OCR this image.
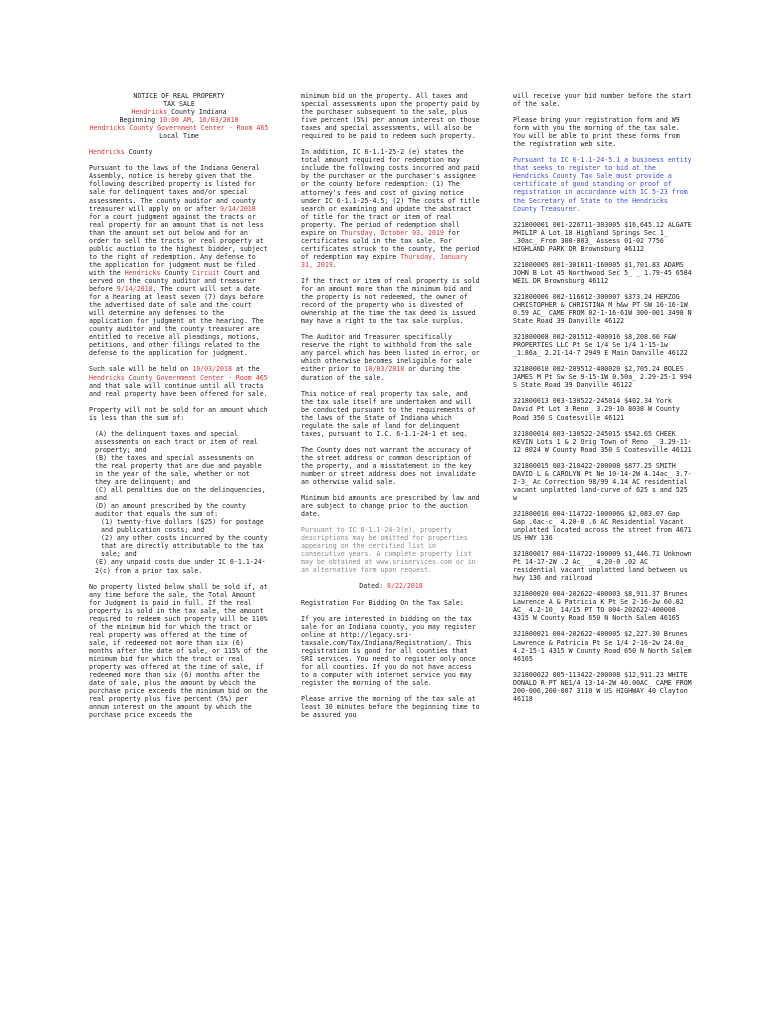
NOTICE OF REAL PROPERTY
TAX SALE
Hendricks County Indiana
Beginning 10:00 AM, 10/03/2018
Hendricks County Government Center - Room 465 Local Time

Hendricks County

Pursuant to the laws of the Indiana General Assembly, notice is hereby given that the following described property is listed for sale for delinquent taxes and/or special assessments. The county auditor and county treasurer will apply on or after 9/14/2018 for a court judgment against the tracts or real property for an amount that is not less than the amount set out below and for an order to sell the tracts or real property at public auction to the highest bidder, subject to the right of redemption. Any defense to the application for judgment must be filed with the Hendricks County Circuit Court and served on the county auditor and treasurer before 9/14/2018. The court will set a date for a hearing at least seven (7) days before the advertised date of sale and the court will determine any defenses to the application for judgment at the hearing. The county auditor and the county treasurer are entitled to receive all pleadings, motions, petitions, and other filings related to the defense to the application for judgment.

Such sale will be held on 10/03/2018 at the Hendricks County Government Center - Room 465 and that sale will continue until all tracts and real property have been offered for sale.

Property will not be sold for an amount which is less than the sum of:

(A) the delinquent taxes and special assessments on each tract or item of real property; and

(B) the taxes and special assessments on the real property that are due and payable in the year of the sale, whether or not they are delinquent; and

(C) all penalties due on the delinquencies, and

(D) an amount prescribed by the county auditor that equals the sum of:

(1) twenty-five dollars ($25) for postage and publication costs; and

(2) any other costs incurred by the county that are directly attributable to the tax sale; and

(E) any unpaid costs due under IC 6-1.1-24-2(c) from a prior tax sale.

No property listed below shall be sold if, at any time before the sale, the Total Amount for Judgment is paid in full. If the real property is sold in the tax sale, the amount required to redeem such property will be 110% of the minimum bid for which the tract or real property was offered at the time of sale, if redeemed not more than six (6) months after the date of sale, or 115% of the minimum bid for which the tract or real property was offered at the time of sale, if redeemed more than six (6) months after the date of sale, plus the amount by which the purchase price exceeds the minimum bid on the real property plus five percent (5%) per annum interest on the amount by which the purchase price exceeds the

minimum bid on the property. All taxes and special assessments upon the property paid by the purchaser subsequent to the sale, plus five percent (5%) per annum interest on those taxes and special assessments, will also be required to be paid to redeem such property.

In addition, IC 6-1.1-25-2 (e) states the total amount required for redemption may include the following costs incurred and paid by the purchaser or the purchaser's assignee or the county before redemption: (1) The attorney's fees and cost of giving notice under IC 6-1.1-25-4.5; (2) The costs of title search or examining and update the abstract of title for the tract or item of real property. The period of redemption shall expire on Thursday, October 03, 2019 for certificates sold in the tax sale. For certificates struck to the county, the period of redemption may expire Thursday, January 31, 2019.

If the tract or item of real property is sold for an amount more than the minimum bid and the property is not redeemed, the owner of record of the property who is divested of ownership at the time the tax deed is issued may have a right to the tax sale surplus.

The Auditor and Treasurer specifically reserve the right to withhold from the sale any parcel which has been listed in error, or which otherwise becomes ineligible for sale either prior to 10/03/2018 or during the duration of the sale.

This notice of real property tax sale, and the tax sale itself are undertaken and will be conducted pursuant to the requirements of the laws of the State of Indiana which regulate the sale of land for delinquent taxes, pursuant to I.C. 6-1.1-24-1 et seq.

The County does not warrant the accuracy of the street address or common description of the property, and a misstatement in the key number or street address does not invalidate an otherwise valid sale.

Minimum bid amounts are prescribed by law and are subject to change prior to the auction date.

Pursuant to IC 6-1.1-24-3(e), property descriptions may be omitted for properties appearing on the certified list in consecutive years. A complete property list may be obtained at www.sriservices.com or in an alternative form upon request.

Dated: 8/22/2018

Registration For Bidding On the Tax Sale:

If you are interested in bidding on the tax sale for an Indiana county, you may register online at http://legacy.sri-taxsale.com/Tax/Indiana/Registration/. This registration is good for all counties that SRI services. You need to register only once for all counties. If you do not have access to a computer with internet service you may register the morning of the sale.

Please arrive the morning of the tax sale at least 30 minutes before the beginning time to be assured you

will receive your bid number before the start of the sale.

Please bring your registration form and W9 form with you the morning of the tax sale. You will be able to print these forms from the registration web site.

Pursuant to IC 6-1.1-24-5.1 a business entity that seeks to register to bid at the Hendricks County Tax Sale must provide a certificate of good standing or proof of registration in accordance with IC 5-23 from the Secretary of State to the Hendricks County Treasurer.

321800001 001-226711-303005 $16,645.12 ALGATE PHILIP A Lot 18 Highland Springs Sec 1_ .30ac_ From 300-003_ Assess 01-02 7756 HIGHLAND PARK DR Brownsburg 46112

321800005 001-301611-160005 $1,701.83 ADAMS JOHN B Lot 45 Northwood Sec 5_ _ 1.79-45 6584 WEIL DR Brownsburg 46112

321800006 002-116612-300007 $373.24 HERZOG CHRISTOPHER & CHRISTINA M h&w PT SW 16-16-1W 0.59 AC_ CAME FROM 02-1-16-61W 300-001 3498 N State Road 39 Danville 46122

321800008 002-201512-400016 $8,208.60 F&W PROPERTIES LLC Pt Se 1/4 Se 1/4 1-15-1w _1.86a_ 2.21-14-7 2949 E Main Danville 46122

321800010 002-209512-400020 $2,705.24 BOLES JAMES M Pt Sw Se 9-15-1W 0.50a_ 2.29-25-1 994 S State Road 39 Danville 46122

321800013 003-130522-245014 $402.34 York David Pt Lot 3 Reno_ 3.29-10 8038 W County Road 350 S Coatesville 46121

321800014 003-130522-245015 $542.65 CHEEK KEVIN Lots 1 & 2 Orig Town of Reno _ 3.29-11-12 8024 W County Road 350 S Coatesville 46121

321800015 003-210422-200008 $877.25 SMITH DAVID L & CAROLYN Pt Ne 10-14-2W 4.14ac_ 3.7-2-3_ Ac Correction 98/99 4.14 AC residential vacant unplatted land-curve of 625 s and 525 w

321800016 004-114722-100006G $2,083.07 Gap Gap .6ac-c_ 4.20-8 .6 AC Residential Vacant unplatted located across the street from 4671 US HWY 136

321800017 004-114722-100009 $1,446.71 Unknown Pt 14-17-2W .2 Ac_ _ 4.20-0 .02 AC residential vacant unplatted land between us hwy 136 and railroad

321800020 004-202622-400003 $8,911.37 Brunes Lawrence A & Patricia K Pt Se 2-16-2w 60.82 AC_ 4.2-10_ 14/15 PT TO 004-202622-400008 4315 W County Road 650 N North Salem 46165

321800021 004-202622-400005 $2,227.30 Brunes Lawrence & Patricia Pt Se 1/4 2-16-2w 24.0a_ 4.2-15-1 4315 W County Road 650 N North Salem 46165

321800022 005-113422-200008 $12,911.23 WHITE DONALD R PT NE1/4 13-14-2W 40.00AC_ CAME FROM 200-006,200-007 3110 W US HIGHWAY 40 Clayton 46118
